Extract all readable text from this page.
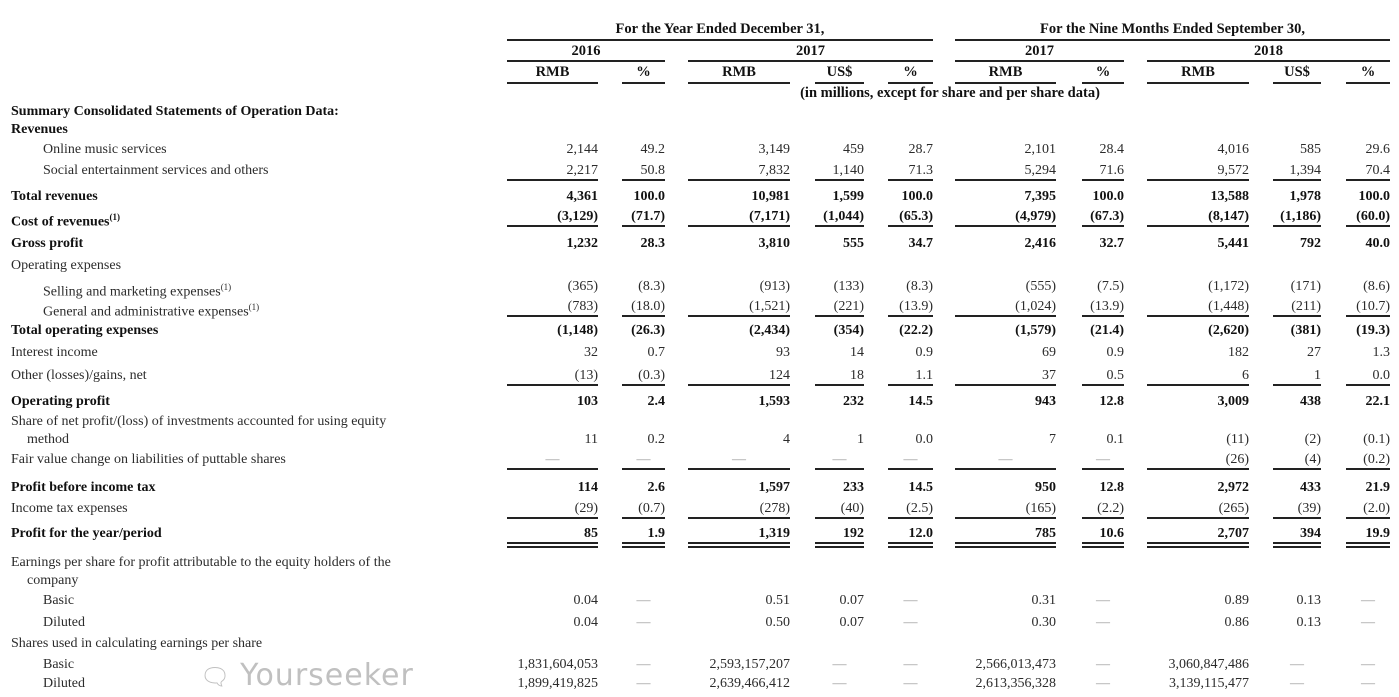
For the Year Ended December 31,	For the Nine Months Ended September 30,
2016	2017	2017	2018
RMB	%	RMB	US$	%	RMB	%	RMB	US$	%
(in millions, except for share and per share data)
Summary Consolidated Statements of Operation Data:
Revenues
Online music services	2,144	49.2	3,149	459	28.7	2,101	28.4	4,016	585	29.6
Social entertainment services and others	2,217	50.8	7,832	1,140	71.3	5,294	71.6	9,572	1,394	70.4
Total revenues	4,361	100.0	10,981	1,599	100.0	7,395	100.0	13,588	1,978	100.0
Cost of revenues$^{(1)}$	(3,129)	(71.7)	(7,171)	(1,044)	(65.3)	(4,979)	(67.3)	(8,147)	(1,186)	(60.0)
Gross profit	1,232	28.3	3,810	555	34.7	2,416	32.7	5,441	792	40.0
Operating expenses
Selling and marketing expenses$^{(1)}$	(365)	(8.3)	(913)	(133)	(8.3)	(555)	(7.5)	(1,172)	(171)	(8.6)
General and administrative expenses$^{(1)}$	(783)	(18.0)	(1,521)	(221)	(13.9)	(1,024)	(13.9)	(1,448)	(211)	(10.7)
Total operating expenses	(1,148)	(26.3)	(2,434)	(354)	(22.2)	(1,579)	(21.4)	(2,620)	(381)	(19.3)
Interest income	32	0.7	93	14	0.9	69	0.9	182	27	1.3
Other (losses)/gains, net	(13)	(0.3)	124	18	1.1	37	0.5	6	1	0.0
Operating profit	103	2.4	1,593	232	14.5	943	12.8	3,009	438	22.1
Share of net profit/(loss) of investments accounted for using equity
method	11	0.2	4	1	0.0	7	0.1	(11)	(2)	(0.1)
Fair value change on liabilities of puttable shares	—	—	—	—	—	—	—	(26)	(4)	(0.2)
Profit before income tax	114	2.6	1,597	233	14.5	950	12.8	2,972	433	21.9
Income tax expenses	(29)	(0.7)	(278)	(40)	(2.5)	(165)	(2.2)	(265)	(39)	(2.0)
Profit for the year/period	85	1.9	1,319	192	12.0	785	10.6	2,707	394	19.9
Earnings per share for profit attributable to the equity holders of the
company
Basic	0.04	—	0.51	0.07	—	0.31	—	0.89	0.13	—
Diluted	0.04	—	0.50	0.07	—	0.30	—	0.86	0.13	—
Shares used in calculating earnings per share
Basic	1,831,604,053	—	2,593,157,207	—	—	2,566,013,473	—	3,060,847,486	—	—
Diluted	1,899,419,825	—	2,639,466,412	—	—	2,613,356,328	—	3,139,115,477	—	—
🗨︎ Yourseeker
